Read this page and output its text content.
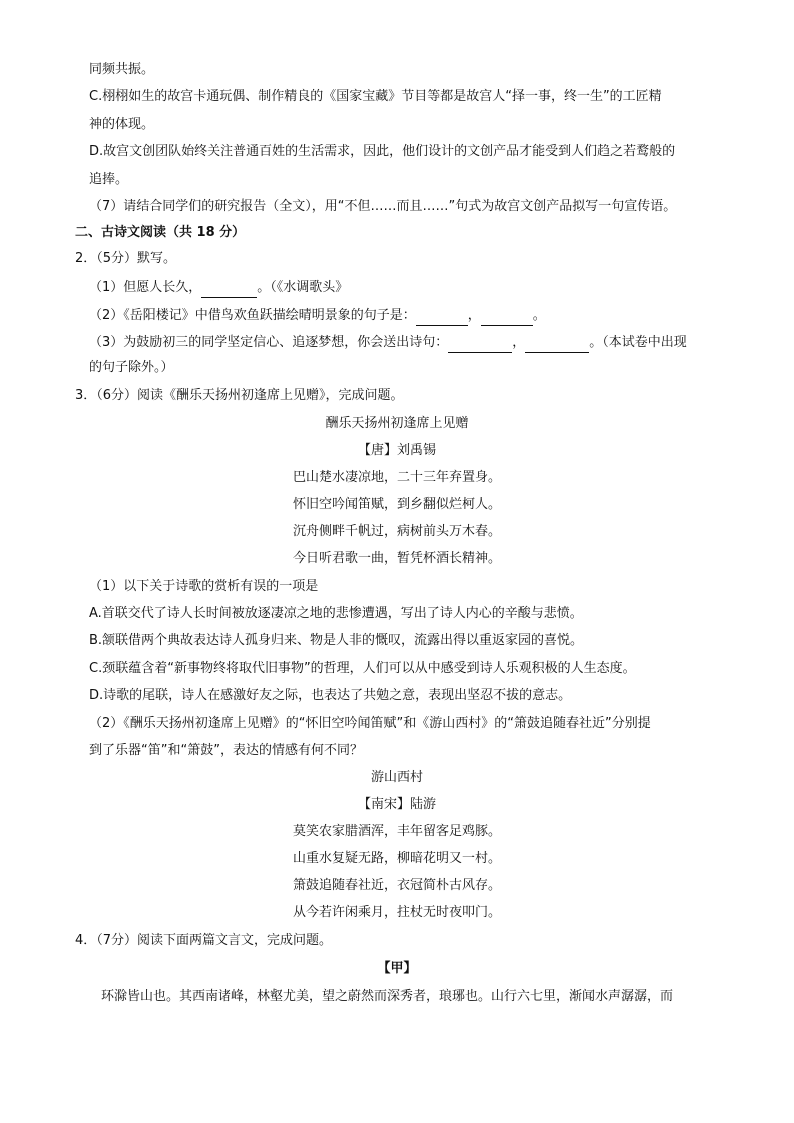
同频共振。
C.栩栩如生的故宫卡通玩偶、制作精良的《国家宝藏》节目等都是故宫人“择一事，终一生”的工匠精
神的体现。
D.故宫文创团队始终关注普通百姓的生活需求，因此，他们设计的文创产品才能受到人们趋之若鹜般的
追捧。
（7）请结合同学们的研究报告（全文），用“不但……而且……”句式为故宫文创产品拟写一句宣传语。
二、古诗文阅读（共 18 分）
2．（5分）默写。
（1）但愿人长久，	。（《水调歌头》
（2）《岳阳楼记》中借鸟欢鱼跃描绘晴明景象的句子是：	，	。
（3）为鼓励初三的同学坚定信心、追逐梦想，你会送出诗句：	，	。（本试卷中出现
的句子除外。）
3．（6分）阅读《酬乐天扬州初逢席上见赠》，完成问题。
酬乐天扬州初逢席上见赠
【唐】刘禹锡
巴山楚水凄凉地，二十三年弃置身。
怀旧空吟闻笛赋，到乡翻似烂柯人。
沉舟侧畔千帆过，病树前头万木春。
今日听君歌一曲，暂凭杯酒长精神。
（1）以下关于诗歌的赏析有误的一项是
A.首联交代了诗人长时间被放逐凄凉之地的悲惨遭遇，写出了诗人内心的辛酸与悲愤。
B.颔联借两个典故表达诗人孤身归来、物是人非的慨叹，流露出得以重返家园的喜悦。
C.颈联蕴含着“新事物终将取代旧事物”的哲理，人们可以从中感受到诗人乐观积极的人生态度。
D.诗歌的尾联，诗人在感激好友之际，也表达了共勉之意，表现出坚忍不拔的意志。
（2）《酬乐天扬州初逢席上见赠》的“怀旧空吟闻笛赋”和《游山西村》的“箫鼓追随春社近”分别提
到了乐器“笛”和“箫鼓”，表达的情感有何不同？
游山西村
【南宋】陆游
莫笑农家腊酒浑，丰年留客足鸡豚。
山重水复疑无路，柳暗花明又一村。
箫鼓追随春社近，衣冠简朴古风存。
从今若许闲乘月，拄杖无时夜叩门。
4．（7分）阅读下面两篇文言文，完成问题。
【甲】
环滁皆山也。其西南诸峰，林壑尤美，望之蔚然而深秀者，琅琊也。山行六七里，渐闻水声潺潺，而
